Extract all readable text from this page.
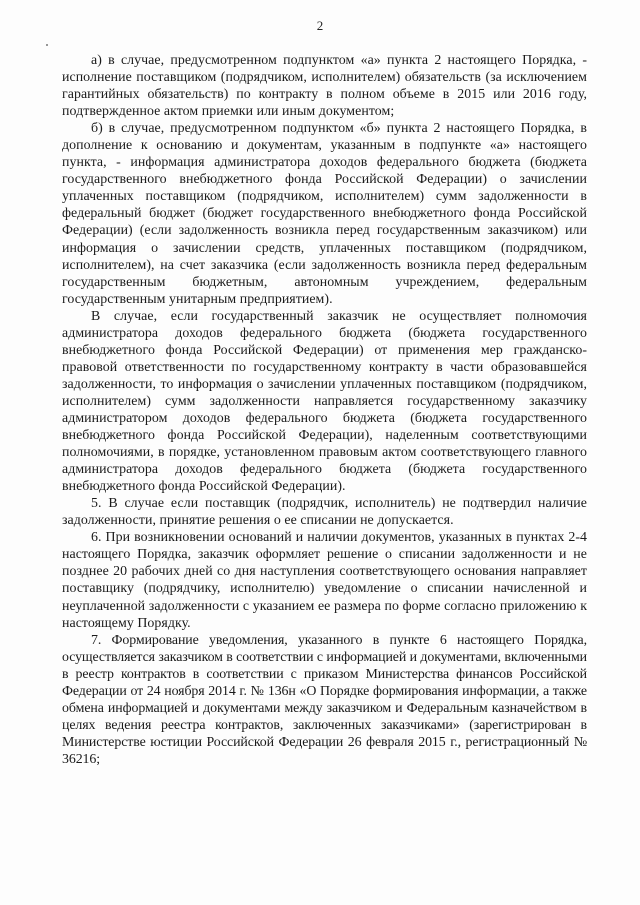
2

а) в случае, предусмотренном подпунктом «а» пункта 2 настоящего Порядка, - исполнение поставщиком (подрядчиком, исполнителем) обязательств (за исключением гарантийных обязательств) по контракту в полном объеме в 2015 или 2016 году, подтвержденное актом приемки или иным документом;

б) в случае, предусмотренном подпунктом «б» пункта 2 настоящего Порядка, в дополнение к основанию и документам, указанным в подпункте «а» настоящего пункта, - информация администратора доходов федерального бюджета (бюджета государственного внебюджетного фонда Российской Федерации) о зачислении уплаченных поставщиком (подрядчиком, исполнителем) сумм задолженности в федеральный бюджет (бюджет государственного внебюджетного фонда Российской Федерации) (если задолженность возникла перед государственным заказчиком) или информация о зачислении средств, уплаченных поставщиком (подрядчиком, исполнителем), на счет заказчика (если задолженность возникла перед федеральным государственным бюджетным, автономным учреждением, федеральным государственным унитарным предприятием).

В случае, если государственный заказчик не осуществляет полномочия администратора доходов федерального бюджета (бюджета государственного внебюджетного фонда Российской Федерации) от применения мер гражданско-правовой ответственности по государственному контракту в части образовавшейся задолженности, то информация о зачислении уплаченных поставщиком (подрядчиком, исполнителем) сумм задолженности направляется государственному заказчику администратором доходов федерального бюджета (бюджета государственного внебюджетного фонда Российской Федерации), наделенным соответствующими полномочиями, в порядке, установленном правовым актом соответствующего главного администратора доходов федерального бюджета (бюджета государственного внебюджетного фонда Российской Федерации).

5. В случае если поставщик (подрядчик, исполнитель) не подтвердил наличие задолженности, принятие решения о ее списании не допускается.

6. При возникновении оснований и наличии документов, указанных в пунктах 2-4 настоящего Порядка, заказчик оформляет решение о списании задолженности и не позднее 20 рабочих дней со дня наступления соответствующего основания направляет поставщику (подрядчику, исполнителю) уведомление о списании начисленной и неуплаченной задолженности с указанием ее размера по форме согласно приложению к настоящему Порядку.

7. Формирование уведомления, указанного в пункте 6 настоящего Порядка, осуществляется заказчиком в соответствии с информацией и документами, включенными в реестр контрактов в соответствии с приказом Министерства финансов Российской Федерации от 24 ноября 2014 г. № 136н «О Порядке формирования информации, а также обмена информацией и документами между заказчиком и Федеральным казначейством в целях ведения реестра контрактов, заключенных заказчиками» (зарегистрирован в Министерстве юстиции Российской Федерации 26 февраля 2015 г., регистрационный № 36216;
